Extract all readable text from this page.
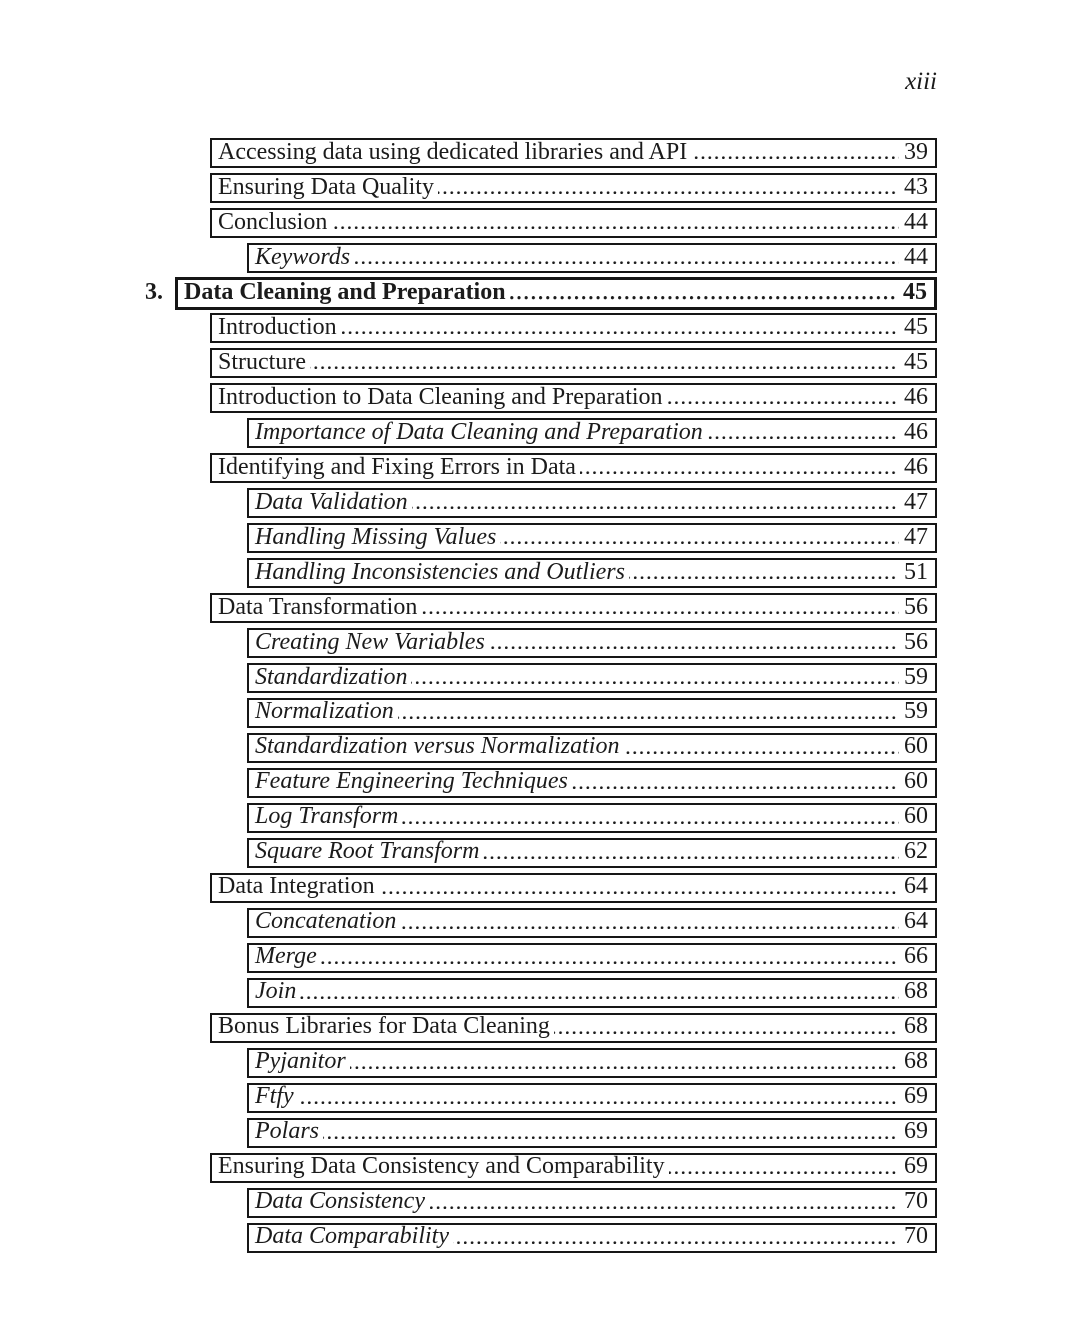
xiii
Accessing data using dedicated libraries and API	39
Ensuring Data Quality	43
Conclusion	44
Keywords	44
3. Data Cleaning and Preparation	45
Introduction	45
Structure	45
Introduction to Data Cleaning and Preparation	46
Importance of Data Cleaning and Preparation	46
Identifying and Fixing Errors in Data	46
Data Validation	47
Handling Missing Values	47
Handling Inconsistencies and Outliers	51
Data Transformation	56
Creating New Variables	56
Standardization	59
Normalization	59
Standardization versus Normalization	60
Feature Engineering Techniques	60
Log Transform	60
Square Root Transform	62
Data Integration	64
Concatenation	64
Merge	66
Join	68
Bonus Libraries for Data Cleaning	68
Pyjanitor	68
Ftfy	69
Polars	69
Ensuring Data Consistency and Comparability	69
Data Consistency	70
Data Comparability	70
